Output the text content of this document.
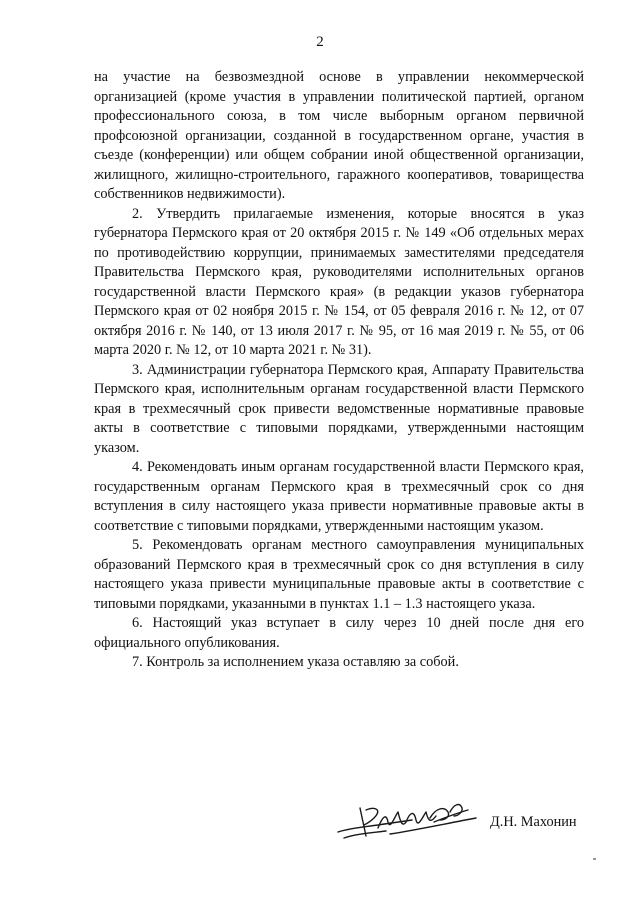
2

на участие на безвозмездной основе в управлении некоммерческой организацией (кроме участия в управлении политической партией, органом профессионального союза, в том числе выборным органом первичной профсоюзной организации, созданной в государственном органе, участия в съезде (конференции) или общем собрании иной общественной организации, жилищного, жилищно-строительного, гаражного кооперативов, товарищества собственников недвижимости).

2. Утвердить прилагаемые изменения, которые вносятся в указ губернатора Пермского края от 20 октября 2015 г. № 149 «Об отдельных мерах по противодействию коррупции, принимаемых заместителями председателя Правительства Пермского края, руководителями исполнительных органов государственной власти Пермского края» (в редакции указов губернатора Пермского края от 02 ноября 2015 г. № 154, от 05 февраля 2016 г. № 12, от 07 октября 2016 г. № 140, от 13 июля 2017 г. № 95, от 16 мая 2019 г. № 55, от 06 марта 2020 г. № 12, от 10 марта 2021 г. № 31).

3. Администрации губернатора Пермского края, Аппарату Правительства Пермского края, исполнительным органам государственной власти Пермского края в трехмесячный срок привести ведомственные нормативные правовые акты в соответствие с типовыми порядками, утвержденными настоящим указом.

4. Рекомендовать иным органам государственной власти Пермского края, государственным органам Пермского края в трехмесячный срок со дня вступления в силу настоящего указа привести нормативные правовые акты в соответствие с типовыми порядками, утвержденными настоящим указом.

5. Рекомендовать органам местного самоуправления муниципальных образований Пермского края в трехмесячный срок со дня вступления в силу настоящего указа привести муниципальные правовые акты в соответствие с типовыми порядками, указанными в пунктах 1.1 – 1.3 настоящего указа.

6. Настоящий указ вступает в силу через 10 дней после дня его официального опубликования.

7. Контроль за исполнением указа оставляю за собой.

Д.Н. Махонин
